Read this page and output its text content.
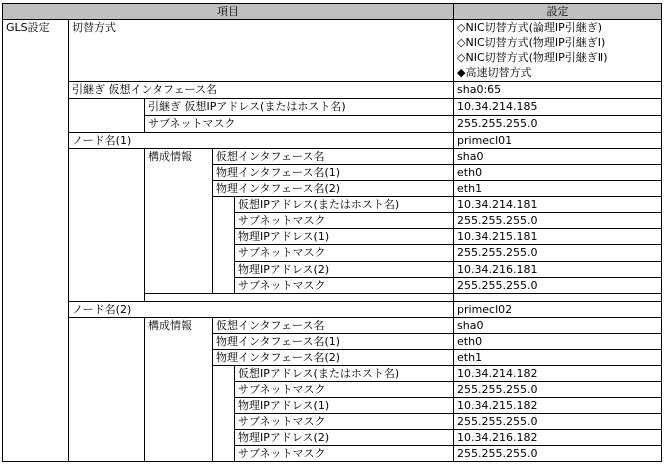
項目					設定
GLS設定	切替方式				◇NIC切替方式(論理IP引継ぎ)
◇NIC切替方式(物理IP引継ぎⅠ)
◇NIC切替方式(物理IP引継ぎⅡ)
◆高速切替方式

	引継ぎ 仮想インタフェース名				sha0:65
		引継ぎ 仮想IPアドレス(またはホスト名)			10.34.214.185
		サブネットマスク			255.255.255.0
	ノード名(1)				primecl01
		構成情報	仮想インタフェース名		sha0
			物理インタフェース名(1)		eth0
			物理インタフェース名(2)		eth1
				仮想IPアドレス(またはホスト名)	10.34.214.181
				サブネットマスク	255.255.255.0
				物理IPアドレス(1)	10.34.215.181
				サブネットマスク	255.255.255.0
				物理IPアドレス(2)	10.34.216.181
				サブネットマスク	255.255.255.0

	ノード名(2)				primecl02
		構成情報	仮想インタフェース名		sha0
			物理インタフェース名(1)		eth0
			物理インタフェース名(2)		eth1
				仮想IPアドレス(またはホスト名)	10.34.214.182
				サブネットマスク	255.255.255.0
				物理IPアドレス(1)	10.34.215.182
				サブネットマスク	255.255.255.0
				物理IPアドレス(2)	10.34.216.182
				サブネットマスク	255.255.255.0
